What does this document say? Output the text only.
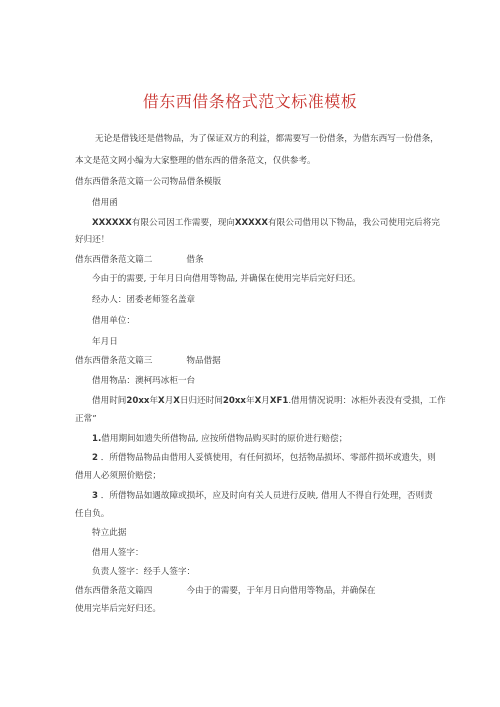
借东西借条格式范文标准模板
无论是借钱还是借物品，为了保证双方的利益，都需要写一份借条，为借东西写一份借条，
本文是范文网小编为大家整理的借东西的借条范文，仅供参考。
借东西借条范文篇一公司物品借条模版
借用函
XXXXXX有限公司因工作需要，现向XXXXX有限公司借用以下物品，我公司使用完后将完
好归还！
借东西借条范文篇二	借条
今由于的需要, 于年月日向借用等物品, 并确保在使用完毕后完好归还。
经办人：团委老师签名盖章
借用单位：
年月日
借东西借条范文篇三	物品借据
借用物品：澳柯玛冰柜一台
借用时间20xx年X月X日归还时间20xx年X月XF1.借用情况说明：冰柜外表没有受损，工作
正常”
1.借用期间如遗失所借物品, 应按所借物品购买时的原价进行赔偿；
2 ．所借物品物品由借用人妥慎使用，有任何损坏，包括物品损坏、零部件损坏或遗失，则
借用人必须照价赔偿；
3 ．所借物品如遇故障或损坏，应及时向有关人员进行反映, 借用人不得自行处理，否则责
任自负。
特立此据
借用人签字：
负责人签字：经手人签字：
借东西借条范文篇四	今由于的需要，于年月日向借用等物品，并确保在
使用完毕后完好归还。
